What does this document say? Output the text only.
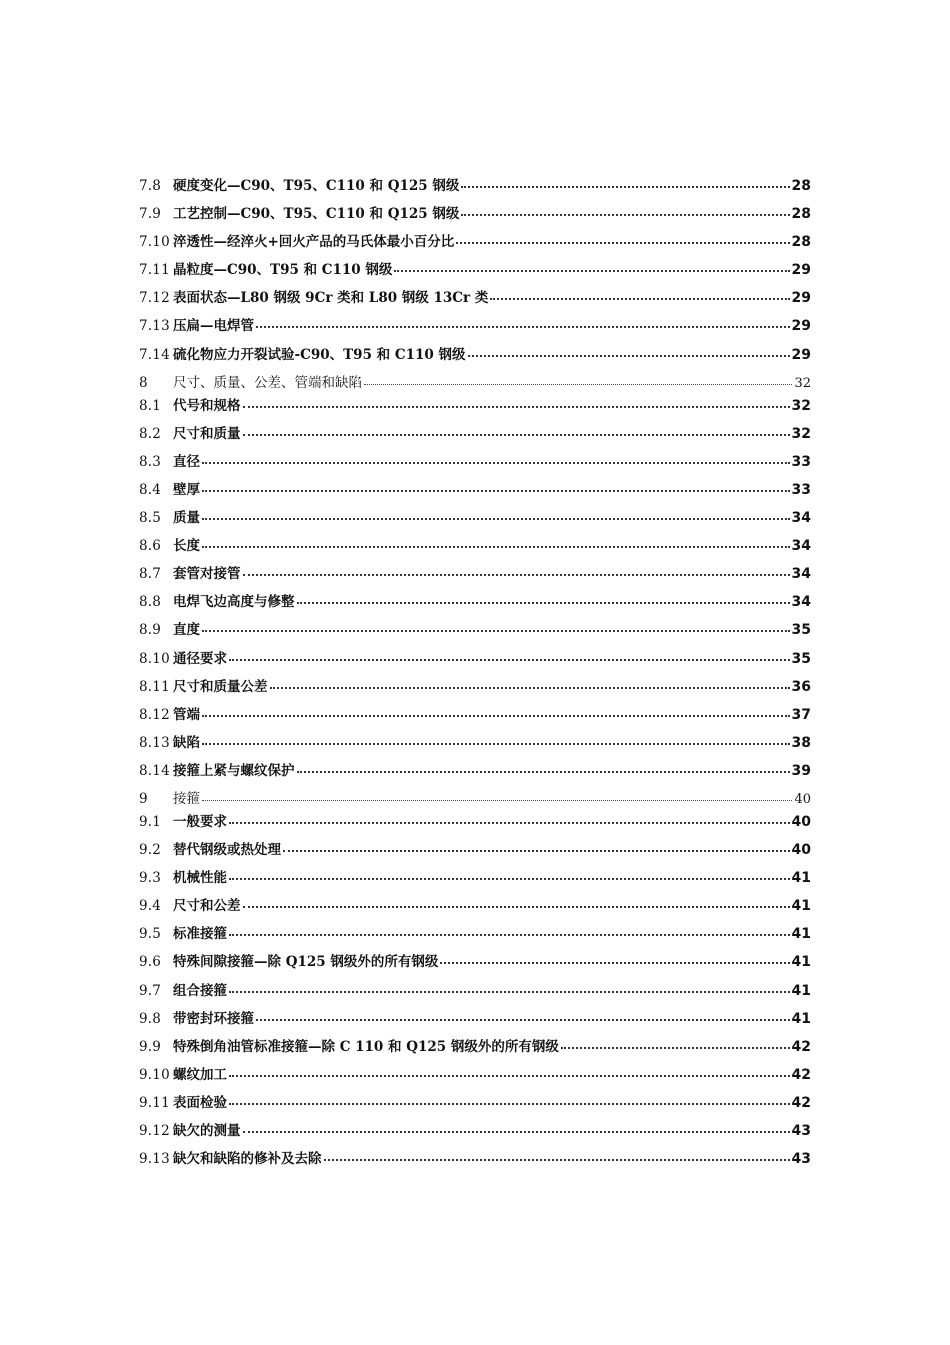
7.8 硬度变化—C90、T95、C110 和 Q125 钢级	28
7.9 工艺控制—C90、T95、C110 和 Q125 钢级	28
7.10 淬透性—经淬火+回火产品的马氏体最小百分比	28
7.11 晶粒度—C90、T95 和 C110 钢级	29
7.12 表面状态—L80 钢级 9Cr 类和 L80 钢级 13Cr 类	29
7.13 压扁—电焊管	29
7.14 硫化物应力开裂试验-C90、T95 和 C110 钢级	29
8	尺寸、质量、公差、管端和缺陷	32
8.1 代号和规格	32
8.2 尺寸和质量	32
8.3 直径	33
8.4 壁厚	33
8.5 质量	34
8.6 长度	34
8.7 套管对接管	34
8.8 电焊飞边高度与修整	34
8.9 直度	35
8.10 通径要求	35
8.11 尺寸和质量公差	36
8.12 管端	37
8.13 缺陷	38
8.14 接箍上紧与螺纹保护	39
9	接箍	40
9.1 一般要求	40
9.2 替代钢级或热处理	40
9.3 机械性能	41
9.4 尺寸和公差	41
9.5 标准接箍	41
9.6 特殊间隙接箍—除 Q125 钢级外的所有钢级	41
9.7 组合接箍	41
9.8 带密封环接箍	41
9.9 特殊倒角油管标准接箍—除 C 110 和 Q125 钢级外的所有钢级	42
9.10 螺纹加工	42
9.11 表面检验	42
9.12 缺欠的测量	43
9.13 缺欠和缺陷的修补及去除	43
